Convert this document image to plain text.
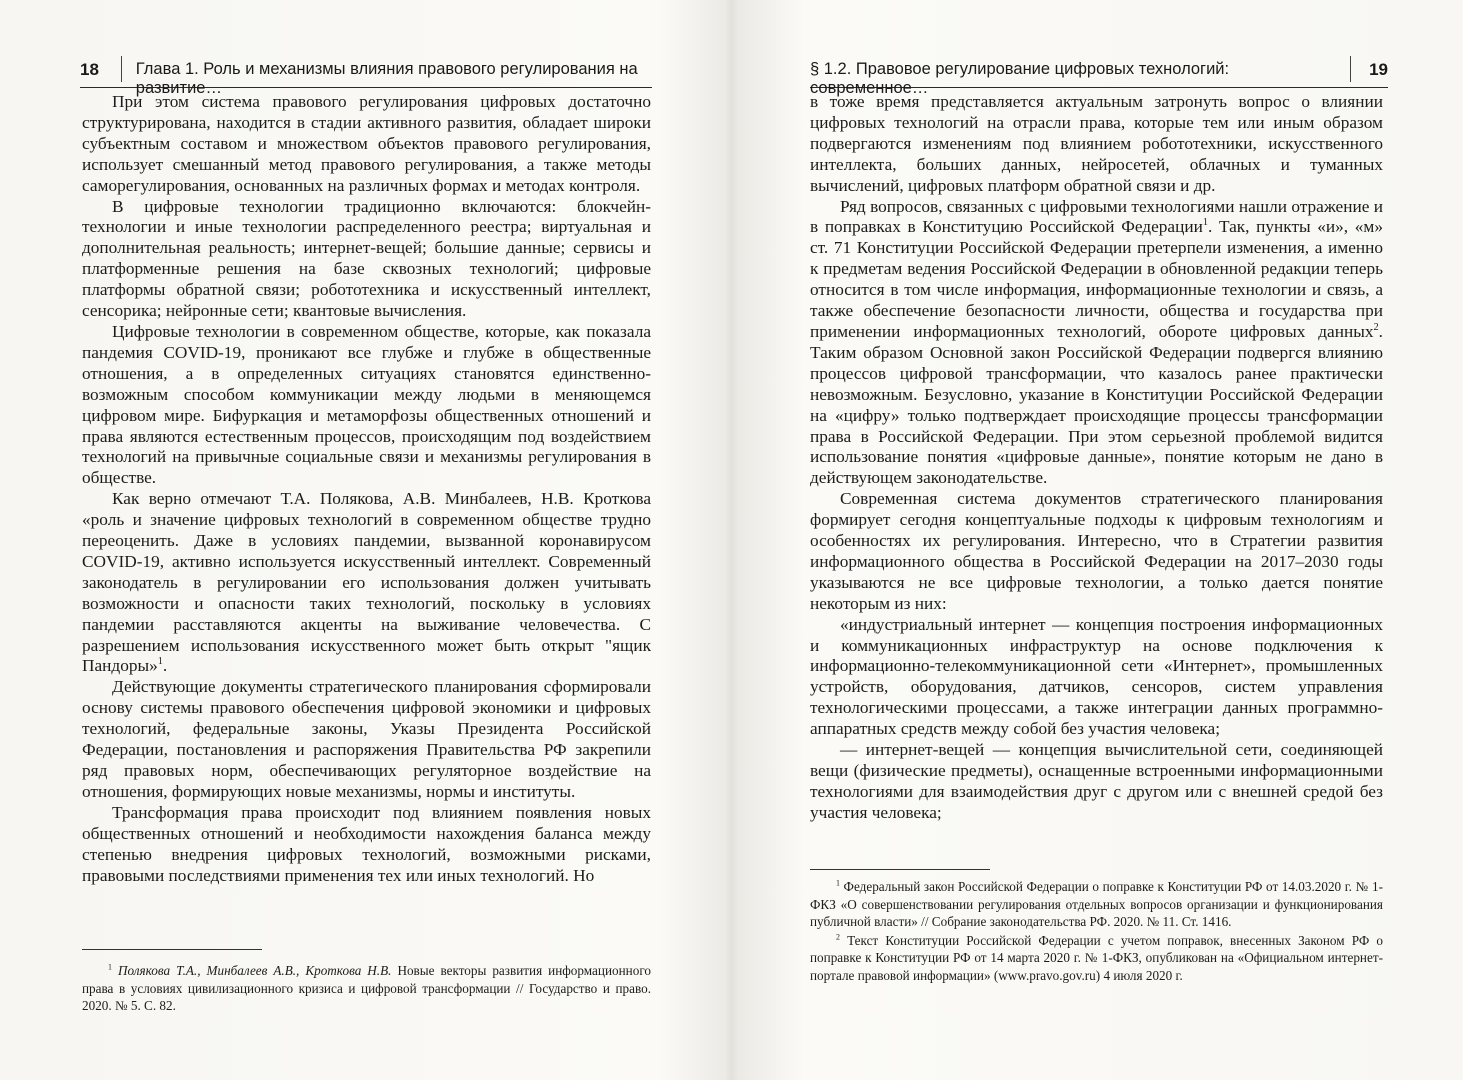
18 Глава 1. Роль и механизмы влияния правового регулирования на развитие…

При этом система правового регулирования цифровых достаточно структурирована, находится в стадии активного развития, обладает широки субъектным составом и множеством объектов правового регулирования, использует смешанный метод правового регулирования, а также методы саморегулирования, основанных на различных формах и методах контроля.

В цифровые технологии традиционно включаются: блокчейн-технологии и иные технологии распределенного реестра; виртуальная и дополнительная реальность; интернет-вещей; большие данные; сервисы и платформенные решения на базе сквозных технологий; цифровые платформы обратной связи; робототехника и искусственный интеллект, сенсорика; нейронные сети; квантовые вычисления.

Цифровые технологии в современном обществе, которые, как показала пандемия COVID-19, проникают все глубже и глубже в общественные отношения, а в определенных ситуациях становятся единственно-возможным способом коммуникации между людьми в меняющемся цифровом мире. Бифуркация и метаморфозы общественных отношений и права являются естественным процессов, происходящим под воздействием технологий на привычные социальные связи и механизмы регулирования в обществе.

Как верно отмечают Т.А. Полякова, А.В. Минбалеев, Н.В. Кроткова «роль и значение цифровых технологий в современном обществе трудно переоценить. Даже в условиях пандемии, вызванной коронавирусом COVID-19, активно используется искусственный интеллект. Современный законодатель в регулировании его использования должен учитывать возможности и опасности таких технологий, поскольку в условиях пандемии расставляются акценты на выживание человечества. С разрешением использования искусственного может быть открыт "ящик Пандоры»$^1$.

Действующие документы стратегического планирования сформировали основу системы правового обеспечения цифровой экономики и цифровых технологий, федеральные законы, Указы Президента Российской Федерации, постановления и распоряжения Правительства РФ закрепили ряд правовых норм, обеспечивающих регуляторное воздействие на отношения, формирующих новые механизмы, нормы и институты.

Трансформация права происходит под влиянием появления новых общественных отношений и необходимости нахождения баланса между степенью внедрения цифровых технологий, возможными рисками, правовыми последствиями применения тех или иных технологий. Но

$^1$ Полякова Т.А., Минбалеев А.В., Кроткова Н.В. Новые векторы развития информационного права в условиях цивилизационного кризиса и цифровой трансформации // Государство и право. 2020. № 5. С. 82.

§ 1.2. Правовое регулирование цифровых технологий: современное…
19

в тоже время представляется актуальным затронуть вопрос о влиянии цифровых технологий на отрасли права, которые тем или иным образом подвергаются изменениям под влиянием робототехники, искусственного интеллекта, больших данных, нейросетей, облачных и туманных вычислений, цифровых платформ обратной связи и др.

Ряд вопросов, связанных с цифровыми технологиями нашли отражение и в поправках в Конституцию Российской Федерации$^1$. Так, пункты «и», «м» ст. 71 Конституции Российской Федерации претерпели изменения, а именно к предметам ведения Российской Федерации в обновленной редакции теперь относится в том числе информация, информационные технологии и связь, а также обеспечение безопасности личности, общества и государства при применении информационных технологий, обороте цифровых данных$^2$. Таким образом Основной закон Российской Федерации подвергся влиянию процессов цифровой трансформации, что казалось ранее практически невозможным. Безусловно, указание в Конституции Российской Федерации на «цифру» только подтверждает происходящие процессы трансформации права в Российской Федерации. При этом серьезной проблемой видится использование понятия «цифровые данные», понятие которым не дано в действующем законодательстве.

Современная система документов стратегического планирования формирует сегодня концептуальные подходы к цифровым технологиям и особенностях их регулирования. Интересно, что в Стратегии развития информационного общества в Российской Федерации на 2017–2030 годы указываются не все цифровые технологии, а только дается понятие некоторым из них:

«индустриальный интернет — концепция построения информационных и коммуникационных инфраструктур на основе подключения к информационно-телекоммуникационной сети «Интернет», промышленных устройств, оборудования, датчиков, сенсоров, систем управления технологическими процессами, а также интеграции данных программно-аппаратных средств между собой без участия человека;

— интернет-вещей — концепция вычислительной сети, соединяющей вещи (физические предметы), оснащенные встроенными информационными технологиями для взаимодействия друг с другом или с внешней средой без участия человека;

$^1$ Федеральный закон Российской Федерации о поправке к Конституции РФ от 14.03.2020 г. № 1-ФКЗ «О совершенствовании регулирования отдельных вопросов организации и функционирования публичной власти» // Собрание законодательства РФ. 2020. № 11. Ст. 1416.

$^2$ Текст Конституции Российской Федерации с учетом поправок, внесенных Законом РФ о поправке к Конституции РФ от 14 марта 2020 г. № 1-ФКЗ, опубликован на «Официальном интернет-портале правовой информации» (www.pravo.gov.ru) 4 июля 2020 г.
